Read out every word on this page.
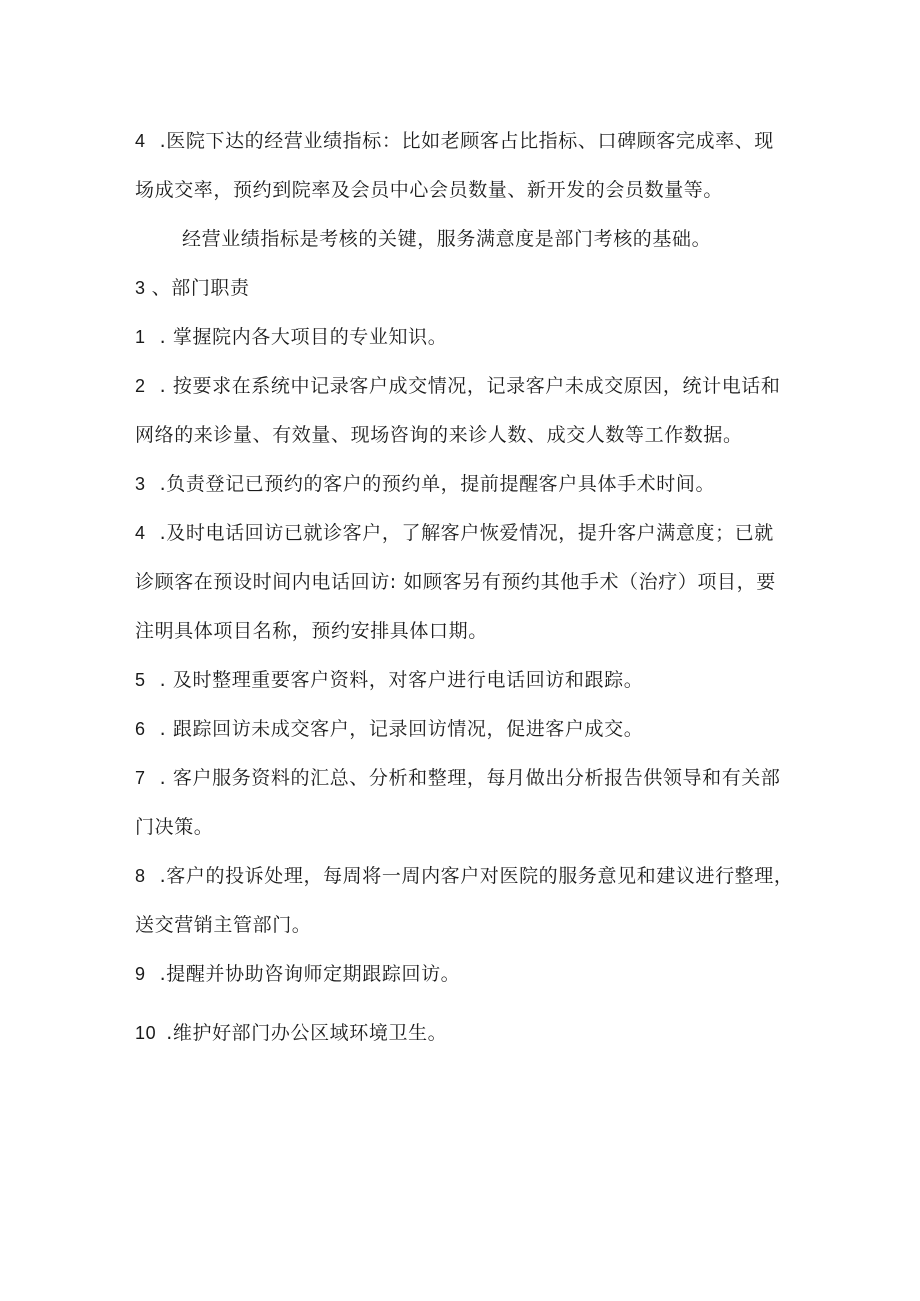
4 .医院下达的经营业绩指标：比如老顾客占比指标、口碑顾客完成率、现
场成交率，预约到院率及会员中心会员数量、新开发的会员数量等。
经营业绩指标是考核的关键，服务满意度是部门考核的基础。
3 、部门职责
1 . 掌握院内各大项目的专业知识。
2 . 按要求在系统中记录客户成交情况，记录客户未成交原因，统计电话和
网络的来诊量、有效量、现场咨询的来诊人数、成交人数等工作数据。
3 .负责登记已预约的客户的预约单，提前提醒客户具体手术时间。
4 .及时电话回访已就诊客户，了解客户恢爱情况，提升客户满意度；已就
诊顾客在预设时间内电话回访: 如顾客另有预约其他手术（治疗）项目，要
注明具体项目名称，预约安排具体口期。
5 . 及时整理重要客户资料，对客户进行电话回访和跟踪。
6 . 跟踪回访未成交客户，记录回访情况，促进客户成交。
7 . 客户服务资料的汇总、分析和整理，每月做出分析报告供领导和有关部
门决策。
8 .客户的投诉处理，每周将一周内客户对医院的服务意见和建议进行整理，
送交营销主管部门。
9 .提醒并协助咨询师定期跟踪回访。
10 .维护好部门办公区域环境卫生。
